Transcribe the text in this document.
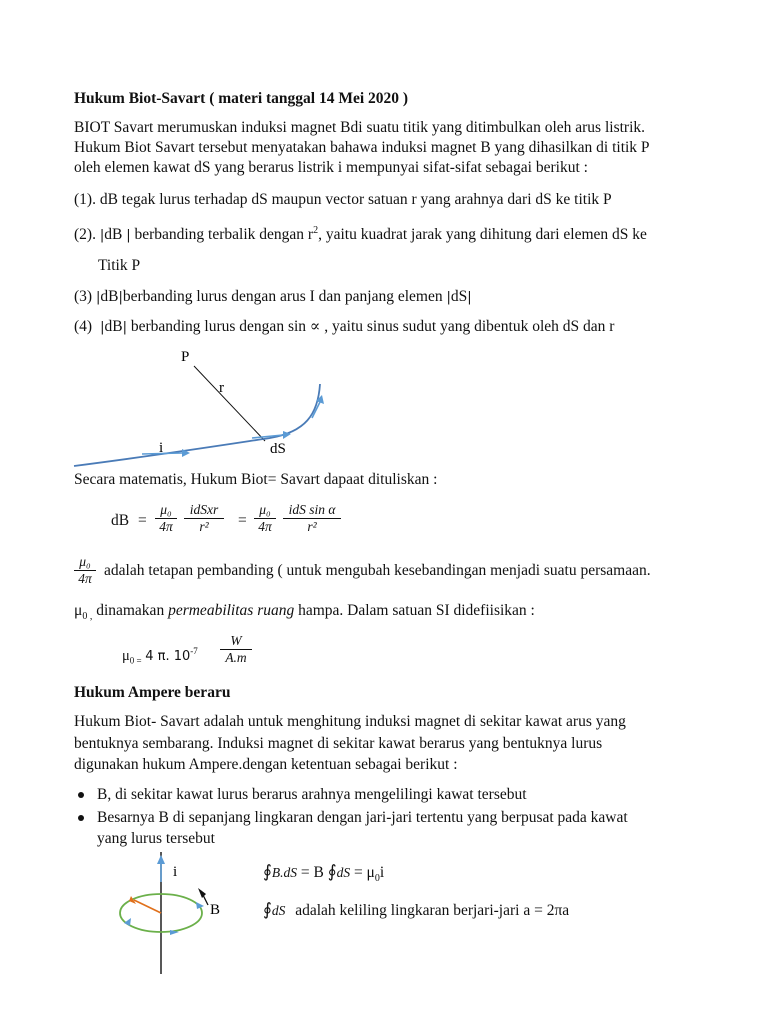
Hukum Biot-Savart ( materi tanggal 14 Mei 2020 )
BIOT Savart merumuskan induksi magnet Bdi suatu titik yang ditimbulkan oleh arus listrik.
Hukum Biot Savart tersebut menyatakan bahawa induksi magnet B yang dihasilkan di titik P
oleh elemen kawat dS yang berarus listrik i mempunyai sifat-sifat sebagai berikut :
(1). dB tegak lurus terhadap dS maupun vector satuan r yang arahnya dari dS ke titik P
(2). |dB | berbanding terbalik dengan $r^2$, yaitu kuadrat jarak yang dihitung dari elemen dS ke
Titik P
(3) |dB|berbanding lurus dengan arus I dan panjang elemen |dS|
(4)  |dB| berbanding lurus dengan sin ∝ , yaitu sinus sudut yang dibentuk oleh dS dan r
P
r
i	dS
Secara matematis, Hukum Biot= Savart dapaat dituliskan :
dB = $\frac{\text{μ₀}}{4\pi}$ idSxr
r²	= $\frac{\text{μ₀}}{4\pi}$ idS sin α
r²
$\frac{\text{μ₀}}{4\pi}$ adalah tetapan pembanding ( untuk mengubah kesebandingan menjadi suatu persamaan.
$\mu_{0 ,}$ dinamakan permeabilitas ruang hampa. Dalam satuan SI didefiisikan :
$\mu_{0 =}$ 4 π. $10^{-7} \frac{W}{A.m}$
Hukum Ampere beraru
Hukum Biot- Savart adalah untuk menghitung induksi magnet di sekitar kawat arus yang
bentuknya sembarang. Induksi magnet di sekitar kawat berarus yang bentuknya lurus
digunakan hukum Ampere.dengan ketentuan sebagai berikut :
B, di sekitar kawat lurus berarus arahnya mengelilingi kawat tersebut
Besarnya B di sepanjang lingkaran dengan jari-jari tertentu yang berpusat pada kawat
yang lurus tersebut
i
B
∮B.dS = B ∮dS = $\mu_0i$
∮dS adalah keliling lingkaran berjari-jari a = 2πa
